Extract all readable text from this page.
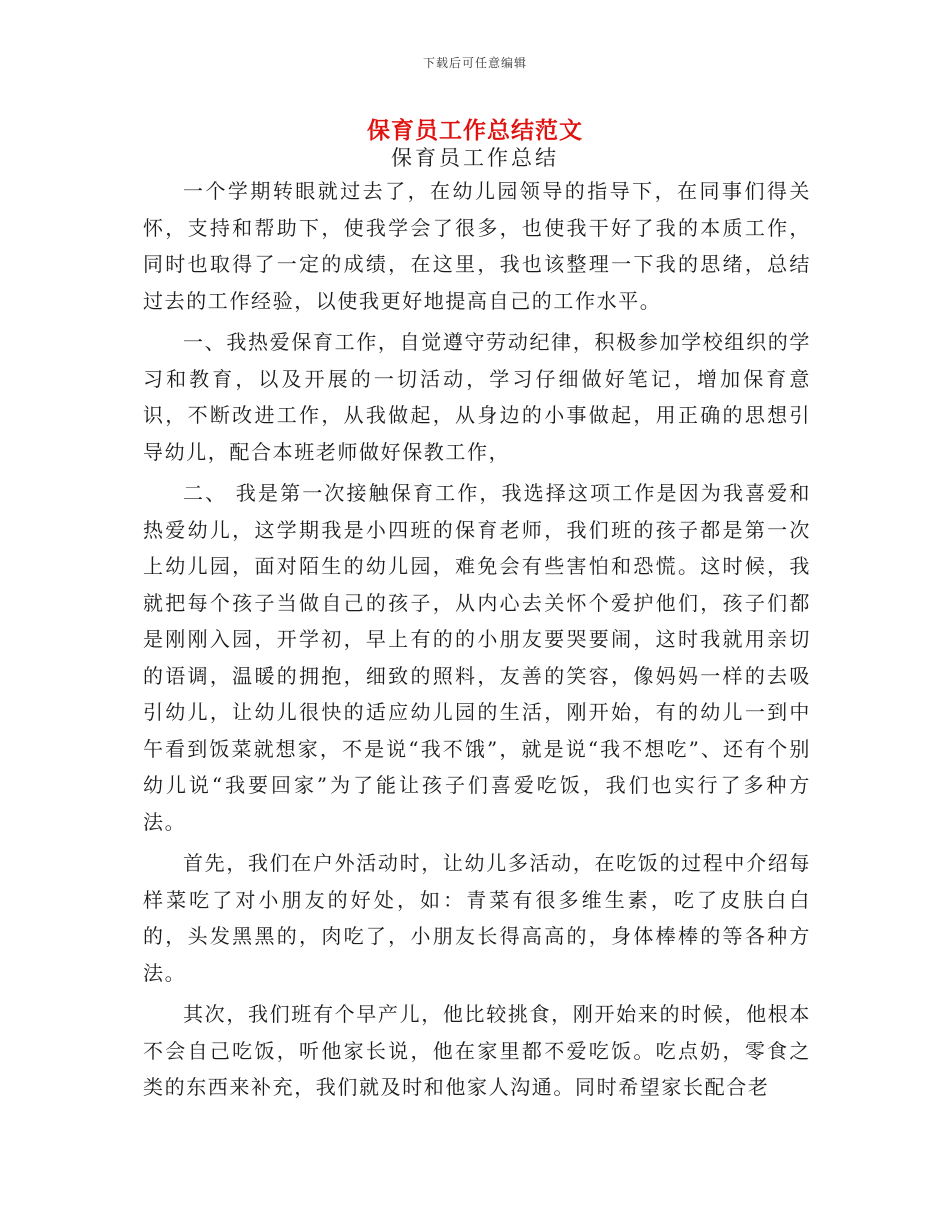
下载后可任意编辑
保育员工作总结范文
保育员工作总结

一个学期转眼就过去了，在幼儿园领导的指导下，在同事们得关怀，支持和帮助下，使我学会了很多，也使我干好了我的本质工作，同时也取得了一定的成绩，在这里，我也该整理一下我的思绪，总结过去的工作经验，以使我更好地提高自己的工作水平。

一、我热爱保育工作，自觉遵守劳动纪律，积极参加学校组织的学习和教育，以及开展的一切活动，学习仔细做好笔记，增加保育意识，不断改进工作，从我做起，从身边的小事做起，用正确的思想引导幼儿，配合本班老师做好保教工作，

二、 我是第一次接触保育工作，我选择这项工作是因为我喜爱和热爱幼儿，这学期我是小四班的保育老师，我们班的孩子都是第一次上幼儿园，面对陌生的幼儿园，难免会有些害怕和恐慌。这时候，我就把每个孩子当做自己的孩子，从内心去关怀个爱护他们，孩子们都是刚刚入园，开学初，早上有的的小朋友要哭要闹，这时我就用亲切的语调，温暖的拥抱，细致的照料，友善的笑容，像妈妈一样的去吸引幼儿，让幼儿很快的适应幼儿园的生活，刚开始，有的幼儿一到中午看到饭菜就想家，不是说“我不饿”，就是说“我不想吃”、还有个别幼儿说“我要回家”为了能让孩子们喜爱吃饭，我们也实行了多种方法。

首先，我们在户外活动时，让幼儿多活动，在吃饭的过程中介绍每样菜吃了对小朋友的好处，如：青菜有很多维生素，吃了皮肤白白的，头发黑黑的，肉吃了，小朋友长得高高的，身体棒棒的等各种方法。

其次，我们班有个早产儿，他比较挑食，刚开始来的时候，他根本不会自己吃饭，听他家长说，他在家里都不爱吃饭。吃点奶，零食之类的东西来补充，我们就及时和他家人沟通。同时希望家长配合老
